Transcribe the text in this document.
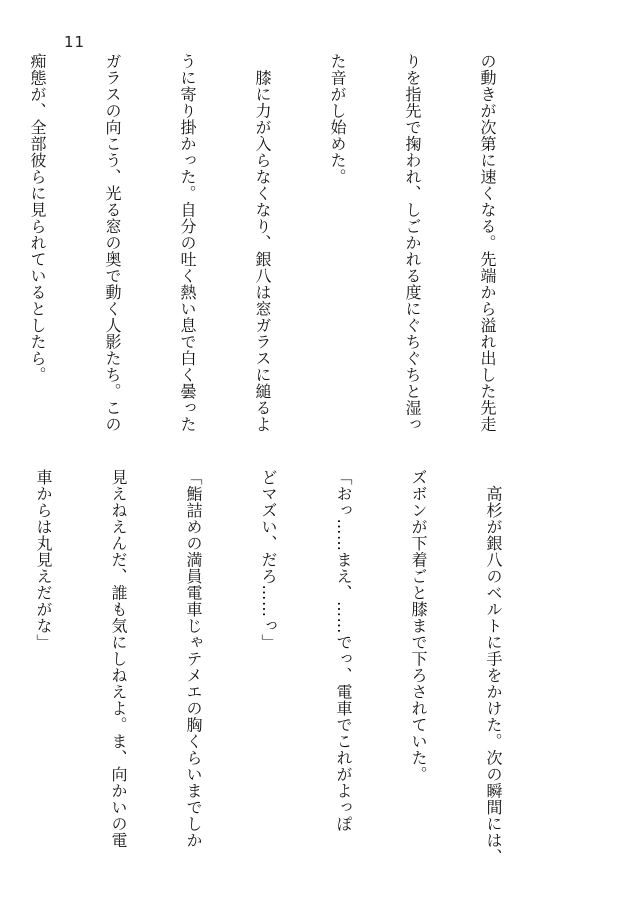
11

の動きが次第に速くなる。先端から溢れ出した先走

りを指先で掬われ、しごかれる度にぐちぐちと湿っ

た音がし始めた。

　膝に力が入らなくなり、銀八は窓ガラスに縋るよ

うに寄り掛かった。自分の吐く熱い息で白く曇った

ガラスの向こう、光る窓の奥で動く人影たち。この

痴態が、全部彼らに見られているとしたら。

　高杉が銀八のベルトに手をかけた。次の瞬間には、

ズボンが下着ごと膝まで下ろされていた。

「おっ……まえ、……でっ、電車でこれがよっぽ

どマズい、だろ……っ」

「鮨詰めの満員電車じゃテメエの胸くらいまでしか

見えねえんだ、誰も気にしねえよ。ま、向かいの電

車からは丸見えだがな」
